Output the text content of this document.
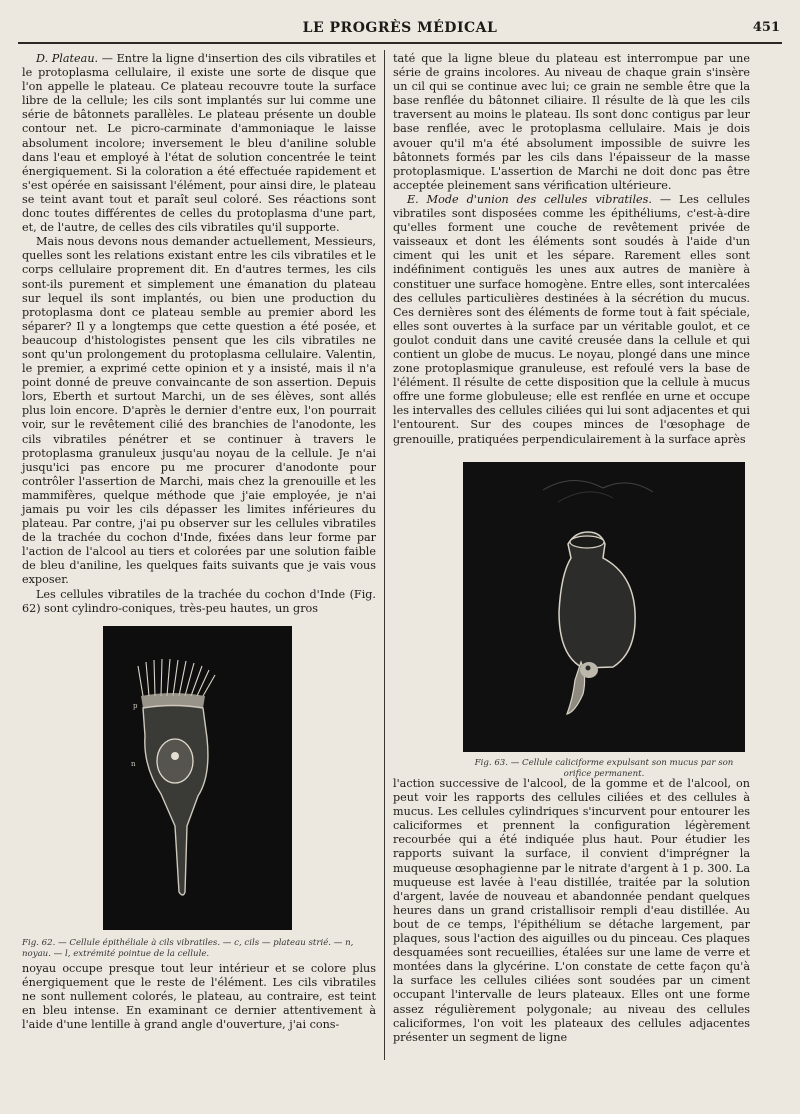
LE PROGRÈS MÉDICAL	451

D. Plateau. — Entre la ligne d'insertion des cils vibratiles et le protoplasma cellulaire, il existe une sorte de disque que l'on appelle le plateau. Ce plateau recouvre toute la surface libre de la cellule; les cils sont implantés sur lui comme une série de bâtonnets parallèles. Le plateau présente un double contour net. Le picro-carminate d'ammoniaque le laisse absolument incolore; inversement le bleu d'aniline soluble dans l'eau et employé à l'état de solution concentrée le teint énergiquement. Si la coloration a été effectuée rapidement et s'est opérée en saisissant l'élément, pour ainsi dire, le plateau se teint avant tout et paraît seul coloré. Ses réactions sont donc toutes différentes de celles du protoplasma d'une part, et, de l'autre, de celles des cils vibratiles qu'il supporte.

Mais nous devons nous demander actuellement, Messieurs, quelles sont les relations existant entre les cils vibratiles et le corps cellulaire proprement dit. En d'autres termes, les cils sont-ils purement et simplement une émanation du plateau sur lequel ils sont implantés, ou bien une production du protoplasma dont ce plateau semble au premier abord les séparer? Il y a longtemps que cette question a été posée, et beaucoup d'histologistes pensent que les cils vibratiles ne sont qu'un prolongement du protoplasma cellulaire. Valentin, le premier, a exprimé cette opinion et y a insisté, mais il n'a point donné de preuve convaincante de son assertion. Depuis lors, Eberth et surtout Marchi, un de ses élèves, sont allés plus loin encore. D'après le dernier d'entre eux, l'on pourrait voir, sur le revêtement cilié des branchies de l'anodonte, les cils vibratiles pénétrer et se continuer à travers le protoplasma granuleux jusqu'au noyau de la cellule. Je n'ai jusqu'ici pas encore pu me procurer d'anodonte pour contrôler l'assertion de Marchi, mais chez la grenouille et les mammifères, quelque méthode que j'aie employée, je n'ai jamais pu voir les cils dépasser les limites inférieures du plateau. Par contre, j'ai pu observer sur les cellules vibratiles de la trachée du cochon d'Inde, fixées dans leur forme par l'action de l'alcool au tiers et colorées par une solution faible de bleu d'aniline, les quelques faits suivants que je vais vous exposer.

Les cellules vibratiles de la trachée du cochon d'Inde (Fig. 62) sont cylindro-coniques, très-peu hautes, un gros

p
n
Fig. 62. — Cellule épithéliale à cils vibratiles. — c, cils — plateau strié. — n, noyau. — l, extrémité pointue de la cellule.

noyau occupe presque tout leur intérieur et se colore plus énergiquement que le reste de l'élément. Les cils vibratiles ne sont nullement colorés, le plateau, au contraire, est teint en bleu intense. En examinant ce dernier attentivement à l'aide d'une lentille à grand angle d'ouverture, j'ai cons-

taté que la ligne bleue du plateau est interrompue par une série de grains incolores. Au niveau de chaque grain s'insère un cil qui se continue avec lui; ce grain ne semble être que la base renflée du bâtonnet ciliaire. Il résulte de là que les cils traversent au moins le plateau. Ils sont donc contigus par leur base renflée, avec le protoplasma cellulaire. Mais je dois avouer qu'il m'a été absolument impossible de suivre les bâtonnets formés par les cils dans l'épaisseur de la masse protoplasmique. L'assertion de Marchi ne doit donc pas être acceptée pleinement sans vérification ultérieure.

E. Mode d'union des cellules vibratiles. — Les cellules vibratiles sont disposées comme les épithéliums, c'est-à-dire qu'elles forment une couche de revêtement privée de vaisseaux et dont les éléments sont soudés à l'aide d'un ciment qui les unit et les sépare. Rarement elles sont indéfiniment contiguës les unes aux autres de manière à constituer une surface homogène. Entre elles, sont intercalées des cellules particulières destinées à la sécrétion du mucus. Ces dernières sont des éléments de forme tout à fait spéciale, elles sont ouvertes à la surface par un véritable goulot, et ce goulot conduit dans une cavité creusée dans la cellule et qui contient un globe de mucus. Le noyau, plongé dans une mince zone protoplasmique granuleuse, est refoulé vers la base de l'élément. Il résulte de cette disposition que la cellule à mucus offre une forme globuleuse; elle est renflée en urne et occupe les intervalles des cellules ciliées qui lui sont adjacentes et qui l'entourent. Sur des coupes minces de l'œsophage de grenouille, pratiquées perpendiculairement à la surface après

Fig. 63. — Cellule caliciforme expulsant son mucus par son orifice permanent.

l'action successive de l'alcool, de la gomme et de l'alcool, on peut voir les rapports des cellules ciliées et des cellules à mucus. Les cellules cylindriques s'incurvent pour entourer les caliciformes et prennent la configuration légèrement recourbée qui a été indiquée plus haut. Pour étudier les rapports suivant la surface, il convient d'imprégner la muqueuse œsophagienne par le nitrate d'argent à 1 p. 300. La muqueuse est lavée à l'eau distillée, traitée par la solution d'argent, lavée de nouveau et abandonnée pendant quelques heures dans un grand cristallisoir rempli d'eau distillée. Au bout de ce temps, l'épithélium se détache largement, par plaques, sous l'action des aiguilles ou du pinceau. Ces plaques desquamées sont recueillies, étalées sur une lame de verre et montées dans la glycérine. L'on constate de cette façon qu'à la surface les cellules ciliées sont soudées par un ciment occupant l'intervalle de leurs plateaux. Elles ont une forme assez régulièrement polygonale; au niveau des cellules caliciformes, l'on voit les plateaux des cellules adjacentes présenter un segment de ligne
